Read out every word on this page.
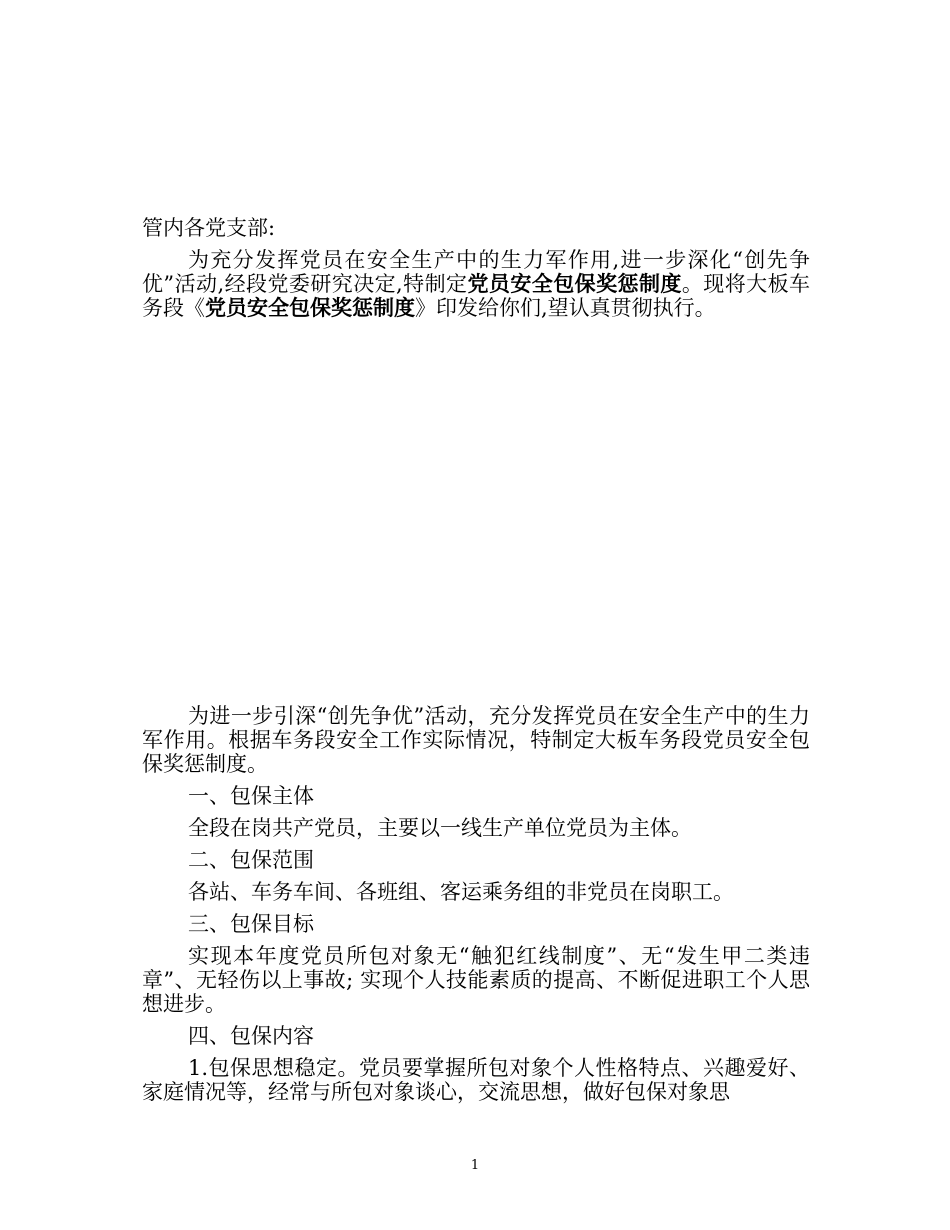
管内各党支部:

为充分发挥党员在安全生产中的生力军作用,进一步深化“创先争优”活动,经段党委研究决定,特制定党员安全包保奖惩制度。现将大板车务段《党员安全包保奖惩制度》印发给你们,望认真贯彻执行。

为进一步引深“创先争优”活动，充分发挥党员在安全生产中的生力军作用。根据车务段安全工作实际情况，特制定大板车务段党员安全包保奖惩制度。

一、包保主体

全段在岗共产党员，主要以一线生产单位党员为主体。

二、包保范围

各站、车务车间、各班组、客运乘务组的非党员在岗职工。

三、包保目标

实现本年度党员所包对象无“触犯红线制度”、无“发生甲二类违章”、无轻伤以上事故; 实现个人技能素质的提高、不断促进职工个人思想进步。

四、包保内容

1.包保思想稳定。党员要掌握所包对象个人性格特点、兴趣爱好、家庭情况等，经常与所包对象谈心，交流思想，做好包保对象思

1
